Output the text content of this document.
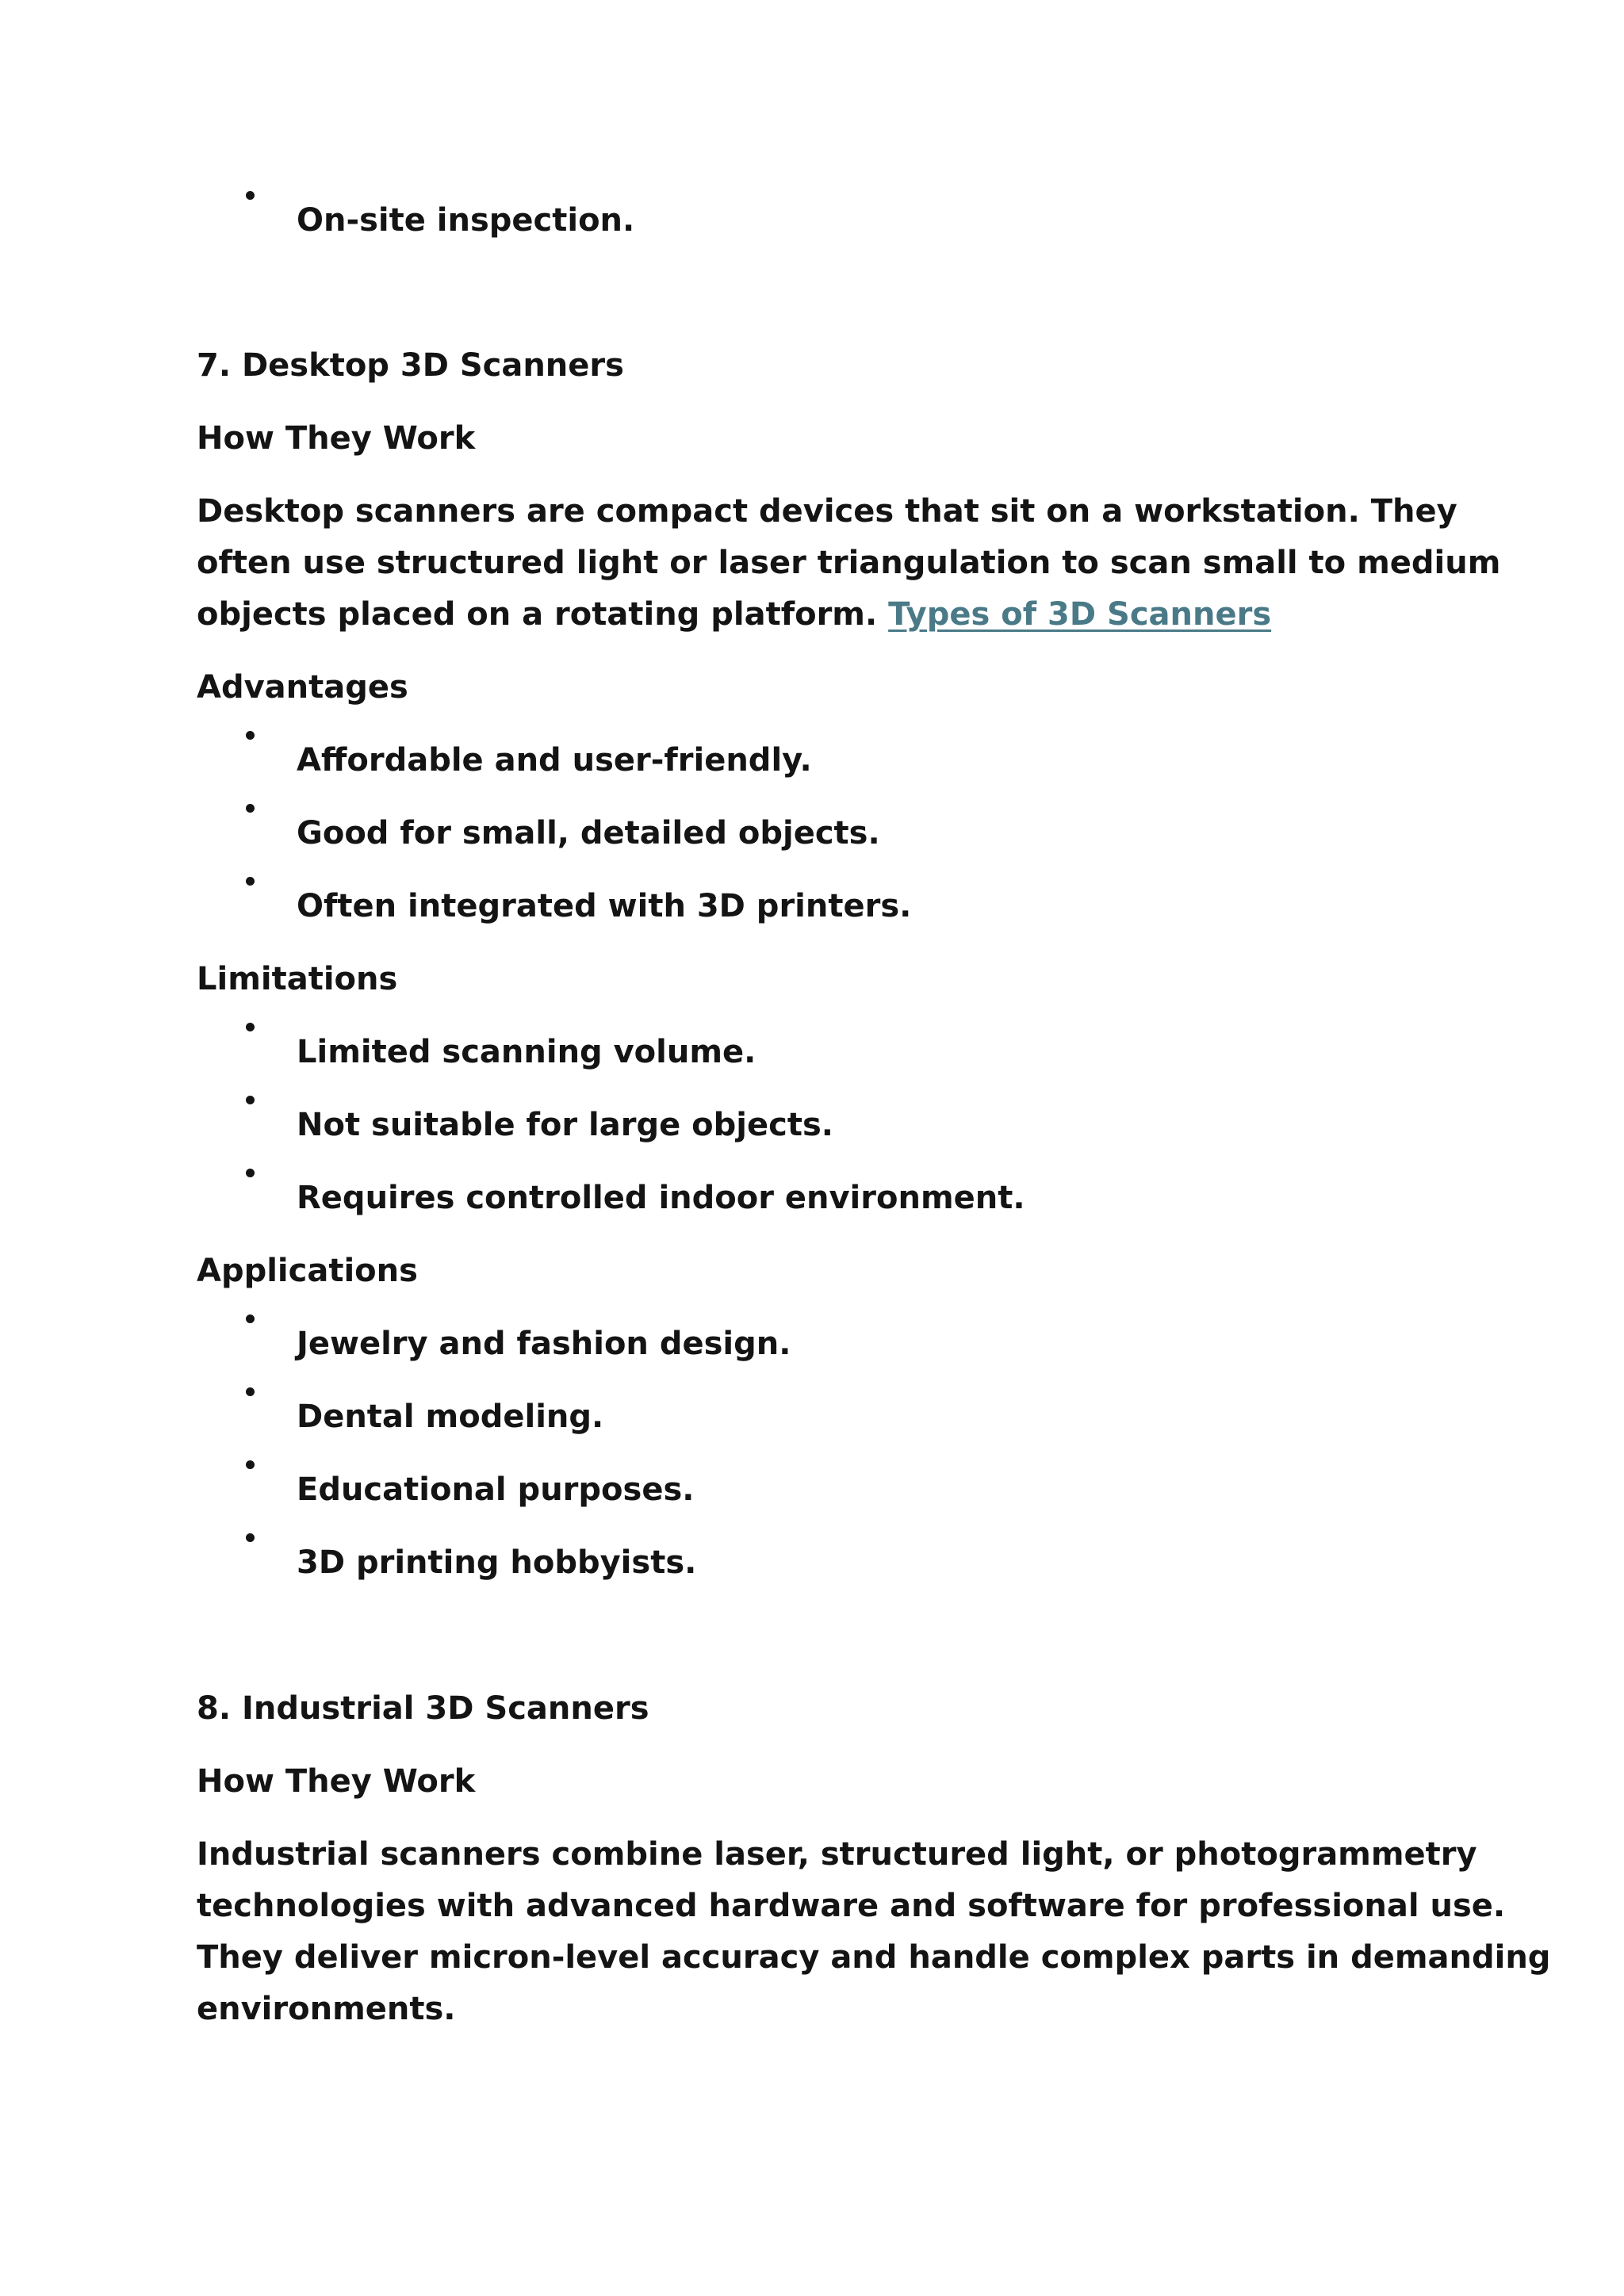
On-site inspection.
7. Desktop 3D Scanners
How They Work
Desktop scanners are compact devices that sit on a workstation. They
often use structured light or laser triangulation to scan small to medium
objects placed on a rotating platform. Types of 3D Scanners
Advantages
Affordable and user-friendly.
Good for small, detailed objects.
Often integrated with 3D printers.
Limitations
Limited scanning volume.
Not suitable for large objects.
Requires controlled indoor environment.
Applications
Jewelry and fashion design.
Dental modeling.
Educational purposes.
3D printing hobbyists.
8. Industrial 3D Scanners
How They Work
Industrial scanners combine laser, structured light, or photogrammetry
technologies with advanced hardware and software for professional use.
They deliver micron-level accuracy and handle complex parts in demanding
environments.
